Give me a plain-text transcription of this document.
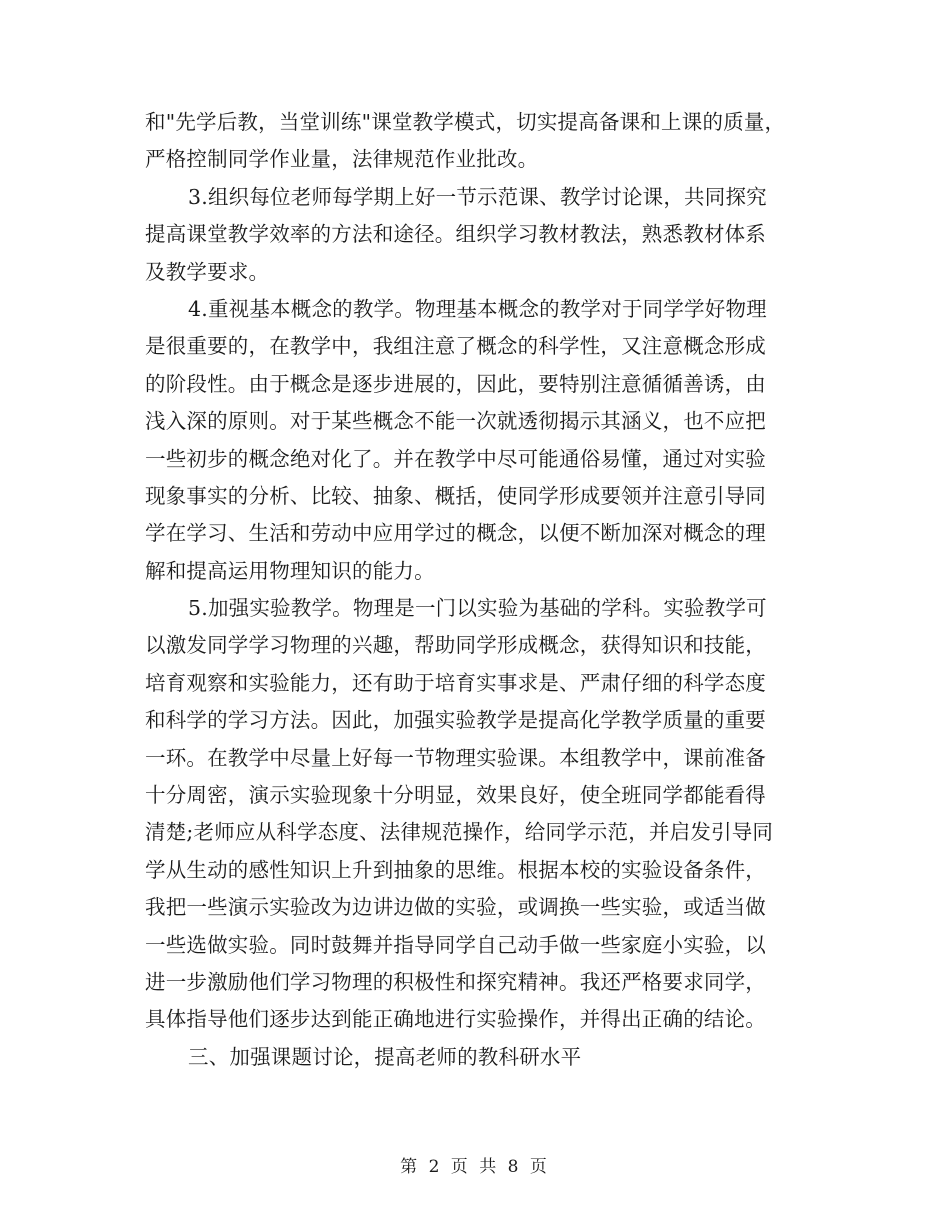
和"先学后教，当堂训练"课堂教学模式，切实提高备课和上课的质量，
严格控制同学作业量，法律规范作业批改。
3.组织每位老师每学期上好一节示范课、教学讨论课，共同探究
提高课堂教学效率的方法和途径。组织学习教材教法，熟悉教材体系
及教学要求。
4.重视基本概念的教学。物理基本概念的教学对于同学学好物理
是很重要的，在教学中，我组注意了概念的科学性，又注意概念形成
的阶段性。由于概念是逐步进展的，因此，要特别注意循循善诱，由
浅入深的原则。对于某些概念不能一次就透彻揭示其涵义，也不应把
一些初步的概念绝对化了。并在教学中尽可能通俗易懂，通过对实验
现象事实的分析、比较、抽象、概括，使同学形成要领并注意引导同
学在学习、生活和劳动中应用学过的概念，以便不断加深对概念的理
解和提高运用物理知识的能力。
5.加强实验教学。物理是一门以实验为基础的学科。实验教学可
以激发同学学习物理的兴趣，帮助同学形成概念，获得知识和技能，
培育观察和实验能力，还有助于培育实事求是、严肃仔细的科学态度
和科学的学习方法。因此，加强实验教学是提高化学教学质量的重要
一环。在教学中尽量上好每一节物理实验课。本组教学中，课前准备
十分周密，演示实验现象十分明显，效果良好，使全班同学都能看得
清楚;老师应从科学态度、法律规范操作，给同学示范，并启发引导同
学从生动的感性知识上升到抽象的思维。根据本校的实验设备条件，
我把一些演示实验改为边讲边做的实验，或调换一些实验，或适当做
一些选做实验。同时鼓舞并指导同学自己动手做一些家庭小实验，以
进一步激励他们学习物理的积极性和探究精神。我还严格要求同学，
具体指导他们逐步达到能正确地进行实验操作，并得出正确的结论。
三、加强课题讨论，提高老师的教科研水平
第 2 页 共 8 页
